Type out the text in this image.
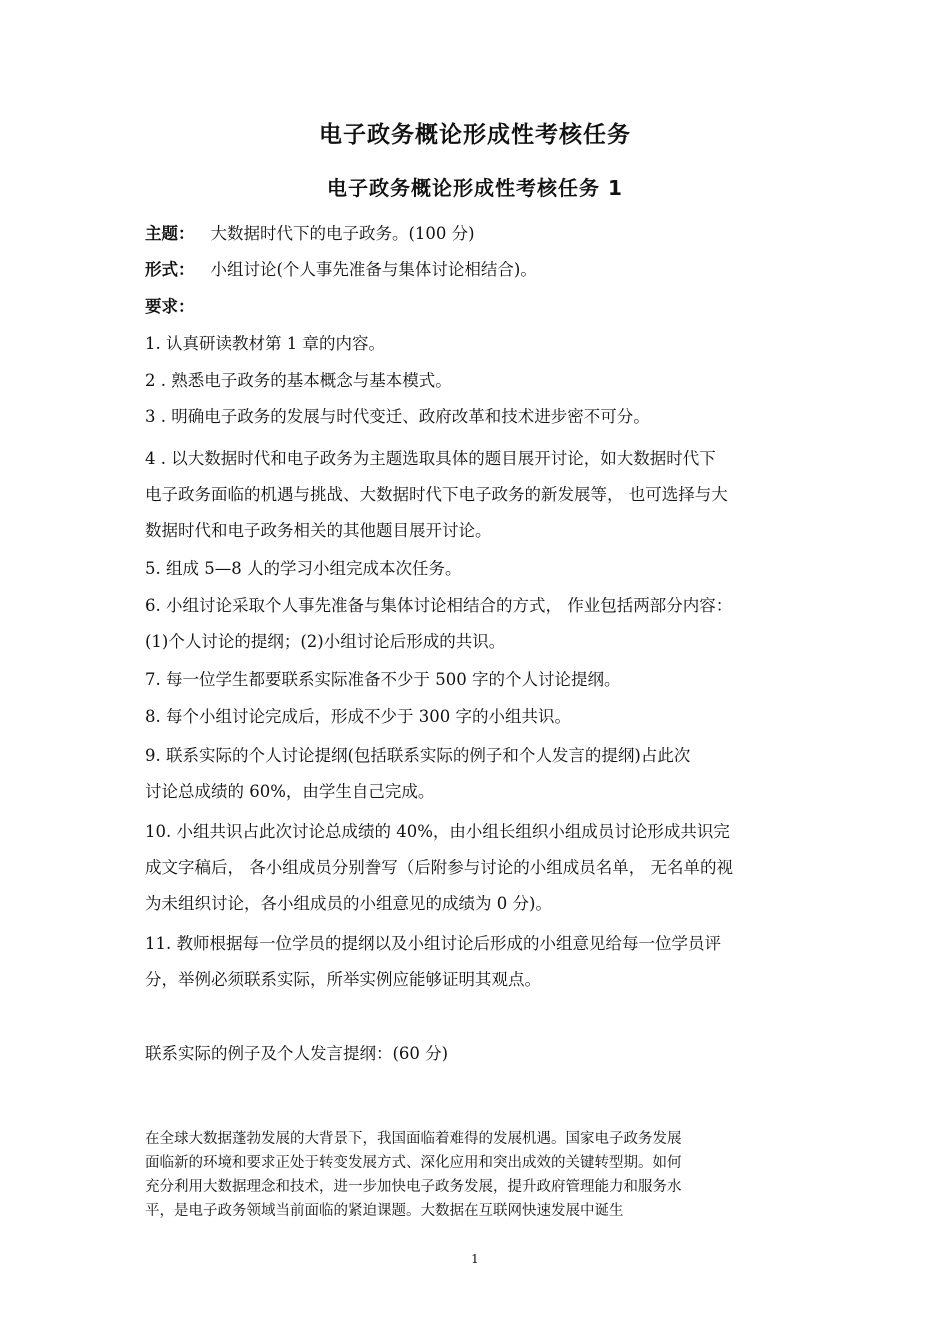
电子政务概论形成性考核任务
电子政务概论形成性考核任务 1
主题： 大数据时代下的电子政务。(100 分)
形式： 小组讨论(个人事先准备与集体讨论相结合)。
要求：
1. 认真研读教材第 1 章的内容。
2 . 熟悉电子政务的基本概念与基本模式。
3 . 明确电子政务的发展与时代变迁、政府改革和技术进步密不可分。
4 . 以大数据时代和电子政务为主题选取具体的题目展开讨论，如大数据时代下
电子政务面临的机遇与挑战、大数据时代下电子政务的新发展等， 也可选择与大
数据时代和电子政务相关的其他题目展开讨论。
5. 组成 5—8 人的学习小组完成本次任务。
6. 小组讨论采取个人事先准备与集体讨论相结合的方式， 作业包括两部分内容：
(1)个人讨论的提纲；(2)小组讨论后形成的共识。
7. 每一位学生都要联系实际准备不少于 500 字的个人讨论提纲。
8. 每个小组讨论完成后，形成不少于 300 字的小组共识。
9. 联系实际的个人讨论提纲(包括联系实际的例子和个人发言的提纲)占此次
讨论总成绩的 60%，由学生自己完成。
10. 小组共识占此次讨论总成绩的 40%，由小组长组织小组成员讨论形成共识完
成文字稿后， 各小组成员分别誊写（后附参与讨论的小组成员名单， 无名单的视
为未组织讨论，各小组成员的小组意见的成绩为 0 分)。
11. 教师根据每一位学员的提纲以及小组讨论后形成的小组意见给每一位学员评
分，举例必须联系实际，所举实例应能够证明其观点。
联系实际的例子及个人发言提纲：(60 分)
在全球大数据蓬勃发展的大背景下，我国面临着难得的发展机遇。国家电子政务发展
面临新的环境和要求正处于转变发展方式、深化应用和突出成效的关键转型期。如何
充分利用大数据理念和技术，进一步加快电子政务发展，提升政府管理能力和服务水
平，是电子政务领域当前面临的紧迫课题。大数据在互联网快速发展中诞生
1
